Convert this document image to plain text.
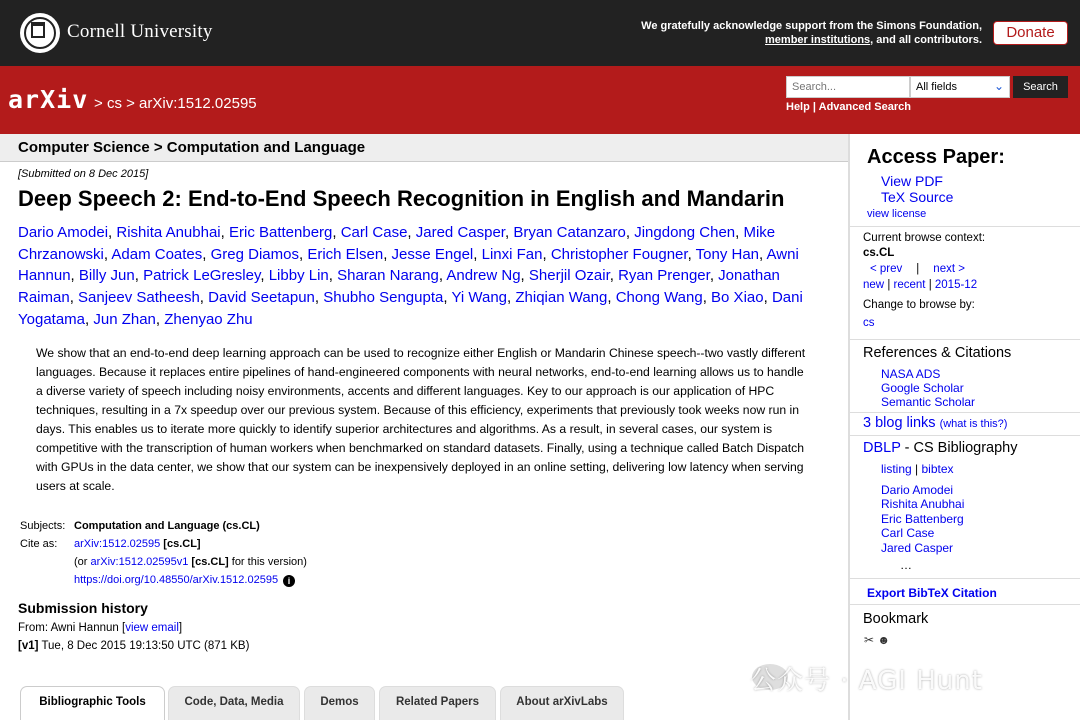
Cornell University	We gratefully acknowledge support from the Simons Foundation,
member institutions, and all contributors.	Donate
arXiv > cs > arXiv:1512.02595
Search...
All fields	⌄	Search
Help | Advanced Search
Computer Science > Computation and Language
[Submitted on 8 Dec 2015]
Deep Speech 2: End-to-End Speech Recognition in English and Mandarin
Dario Amodei, Rishita Anubhai, Eric Battenberg, Carl Case, Jared Casper, Bryan Catanzaro, Jingdong Chen, Mike Chrzanowski, Adam Coates, Greg Diamos, Erich Elsen, Jesse Engel, Linxi Fan, Christopher Fougner, Tony Han, Awni Hannun, Billy Jun, Patrick LeGresley, Libby Lin, Sharan Narang, Andrew Ng, Sherjil Ozair, Ryan Prenger, Jonathan Raiman, Sanjeev Satheesh, David Seetapun, Shubho Sengupta, Yi Wang, Zhiqian Wang, Chong Wang, Bo Xiao, Dani Yogatama, Jun Zhan, Zhenyao Zhu
We show that an end-to-end deep learning approach can be used to recognize either English or Mandarin Chinese speech--two vastly different languages. Because it replaces entire pipelines of hand-engineered components with neural networks, end-to-end learning allows us to handle a diverse variety of speech including noisy environments, accents and different languages. Key to our approach is our application of HPC techniques, resulting in a 7x speedup over our previous system. Because of this efficiency, experiments that previously took weeks now run in days. This enables us to iterate more quickly to identify superior architectures and algorithms. As a result, in several cases, our system is competitive with the transcription of human workers when benchmarked on standard datasets. Finally, using a technique called Batch Dispatch with GPUs in the data center, we show that our system can be inexpensively deployed in an online setting, delivering low latency when serving users at scale.
Subjects: Computation and Language (cs.CL)
Cite as:	arXiv:1512.02595 [cs.CL]
(or arXiv:1512.02595v1 [cs.CL] for this version)
https://doi.org/10.48550/arXiv.1512.02595 i
Submission history
From: Awni Hannun [view email]
[v1] Tue, 8 Dec 2015 19:13:50 UTC (871 KB)
Bibliographic Tools	Code, Data, Media	Demos	Related Papers	About arXivLabs
Access Paper:
View PDF
TeX Source
view license
Current browse context:
cs.CL
< prev | next >
new | recent | 2015-12
Change to browse by:
cs
References & Citations
NASA ADS
Google Scholar
Semantic Scholar
3 blog links (what is this?)
DBLP - CS Bibliography
listing | bibtex
Dario Amodei
Rishita Anubhai
Eric Battenberg
Carl Case
Jared Casper
…
Export BibTeX Citation
Bookmark
✂ ☻
公众号 · AGI Hunt
